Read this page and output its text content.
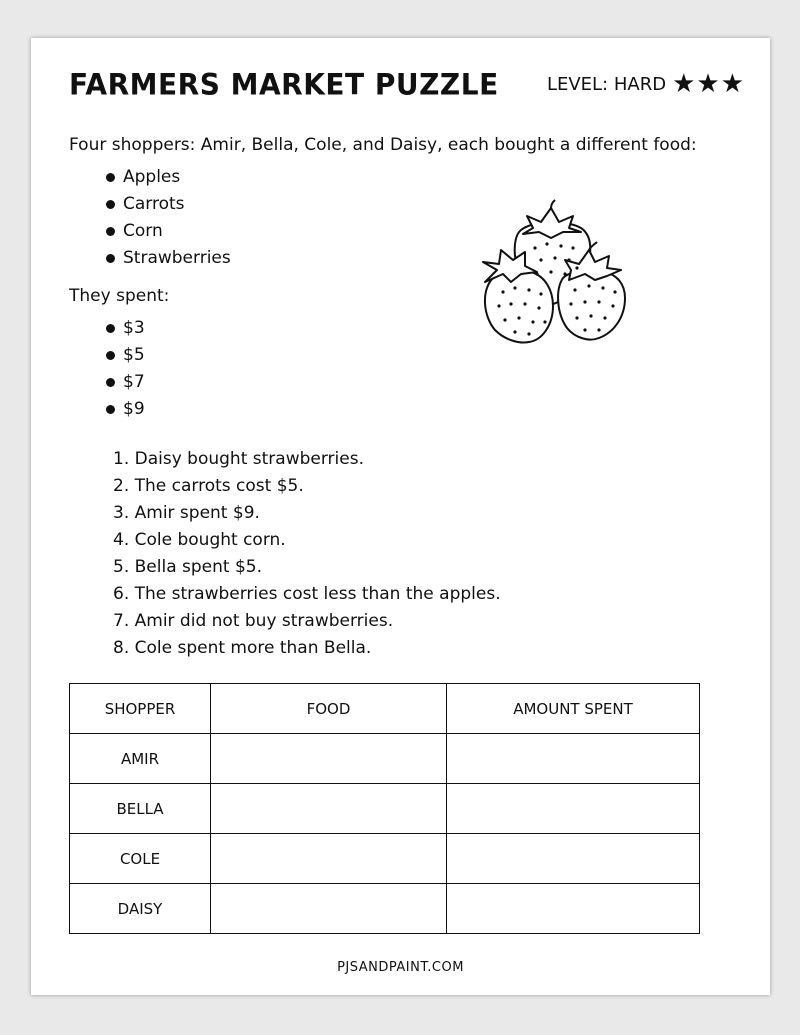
FARMERS MARKET PUZZLE	LEVEL: HARD ★ ★ ★
Four shoppers: Amir, Bella, Cole, and Daisy, each bought a different food:
Apples
Carrots
Corn
Strawberries
They spent:
$3
$5
$7
$9
1. Daisy bought strawberries.
2. The carrots cost $5.
3. Amir spent $9.
4. Cole bought corn.
5. Bella spent $5.
6. The strawberries cost less than the apples.
7. Amir did not buy strawberries.
8. Cole spent more than Bella.
SHOPPER	FOOD	AMOUNT SPENT
AMIR		
BELLA		
COLE		
DAISY		
PJSANDPAINT.COM
